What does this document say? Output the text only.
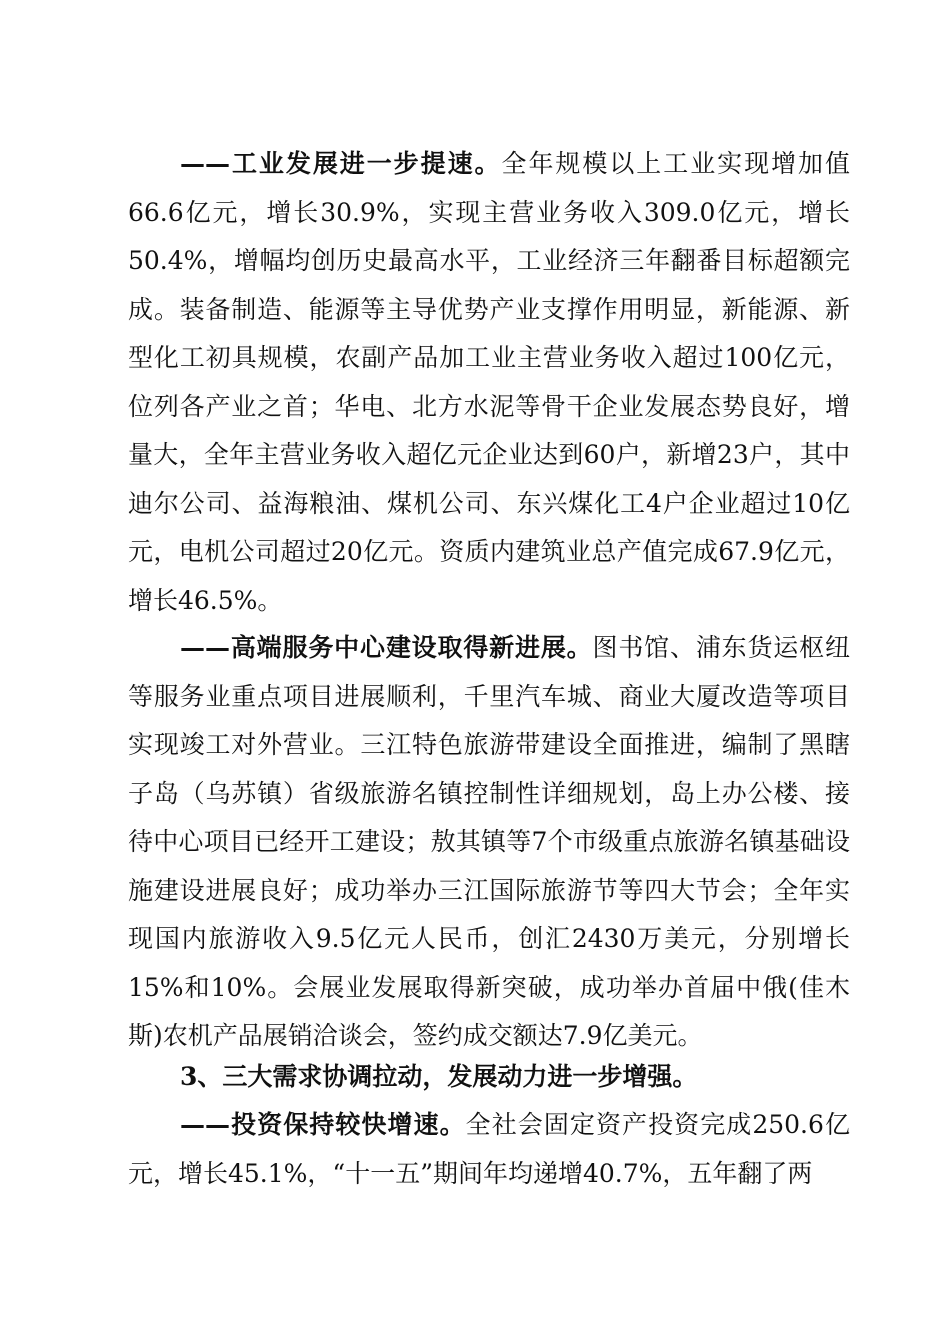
——工业发展进一步提速。全年规模以上工业实现增加值66.6亿元，增长30.9%，实现主营业务收入309.0亿元，增长50.4%，增幅均创历史最高水平，工业经济三年翻番目标超额完成。装备制造、能源等主导优势产业支撑作用明显，新能源、新型化工初具规模，农副产品加工业主营业务收入超过100亿元，位列各产业之首；华电、北方水泥等骨干企业发展态势良好，增量大，全年主营业务收入超亿元企业达到60户，新增23户，其中迪尔公司、益海粮油、煤机公司、东兴煤化工4户企业超过10亿元，电机公司超过20亿元。资质内建筑业总产值完成67.9亿元，增长46.5%。

——高端服务中心建设取得新进展。图书馆、浦东货运枢纽等服务业重点项目进展顺利，千里汽车城、商业大厦改造等项目实现竣工对外营业。三江特色旅游带建设全面推进，编制了黑瞎子岛（乌苏镇）省级旅游名镇控制性详细规划，岛上办公楼、接待中心项目已经开工建设；敖其镇等7个市级重点旅游名镇基础设施建设进展良好；成功举办三江国际旅游节等四大节会；全年实现国内旅游收入9.5亿元人民币，创汇2430万美元，分别增长15%和10%。会展业发展取得新突破，成功举办首届中俄(佳木斯)农机产品展销洽谈会，签约成交额达7.9亿美元。

3、三大需求协调拉动，发展动力进一步增强。

——投资保持较快增速。全社会固定资产投资完成250.6亿元，增长45.1%，“十一五”期间年均递增40.7%，五年翻了两
